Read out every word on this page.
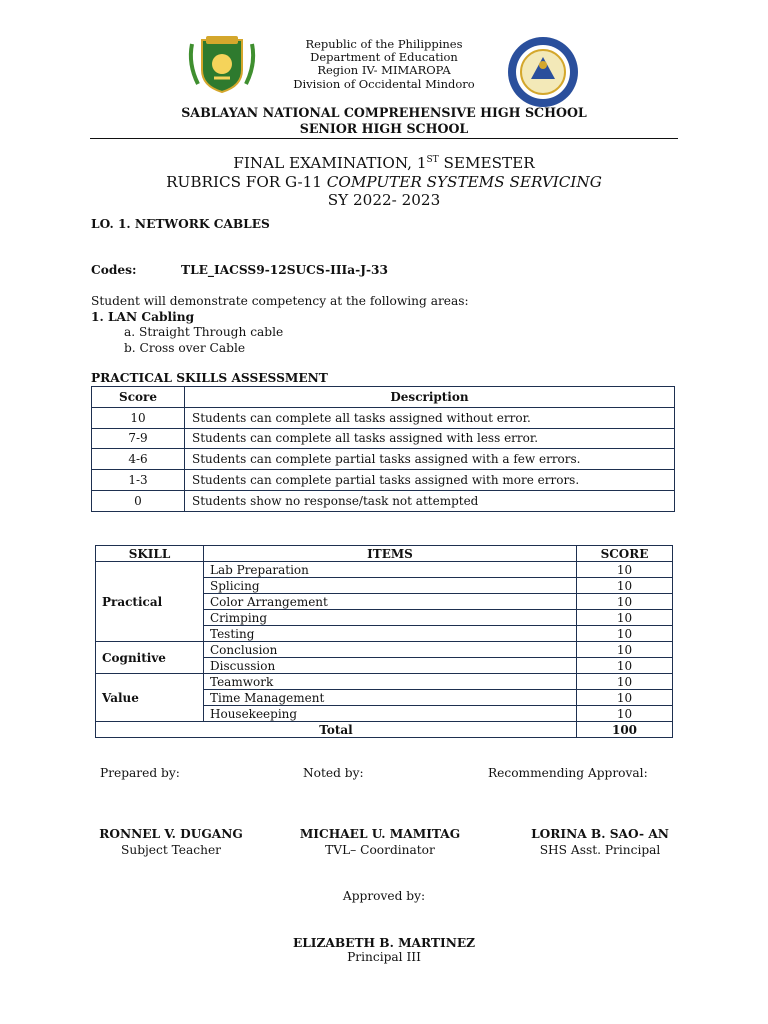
Republic of the Philippines
Department of Education
Region IV- MIMAROPA
Division of Occidental Mindoro
SABLAYAN NATIONAL COMPREHENSIVE HIGH SCHOOL
SENIOR HIGH SCHOOL
FINAL EXAMINATION, 1ST SEMESTER
RUBRICS FOR G-11 COMPUTER SYSTEMS SERVICING
SY 2022- 2023
LO. 1. NETWORK CABLES
Codes:	TLE_IACSS9-12SUCS-IIIa-J-33
Student will demonstrate competency at the following areas:
1. LAN Cabling
a. Straight Through cable
b. Cross over Cable
PRACTICAL SKILLS ASSESSMENT
Score	Description
10	Students can complete all tasks assigned without error.
7-9	Students can complete all tasks assigned with less error.
4-6	Students can complete partial tasks assigned with a few errors.
1-3	Students can complete partial tasks assigned with more errors.
0	Students show no response/task not attempted
SKILL	ITEMS	SCORE
Practical	Lab Preparation	10
	Splicing	10
	Color Arrangement	10
	Crimping	10
	Testing	10
Cognitive	Conclusion	10
	Discussion	10
Value	Teamwork	10
	Time Management	10
	Housekeeping	10
Total		100
Prepared by:	Noted by:	Recommending Approval:
RONNEL V. DUGANG
Subject Teacher
MICHAEL U. MAMITAG
TVL– Coordinator
LORINA B. SAO- AN
SHS Asst. Principal
Approved by:
ELIZABETH B. MARTINEZ
Principal III
